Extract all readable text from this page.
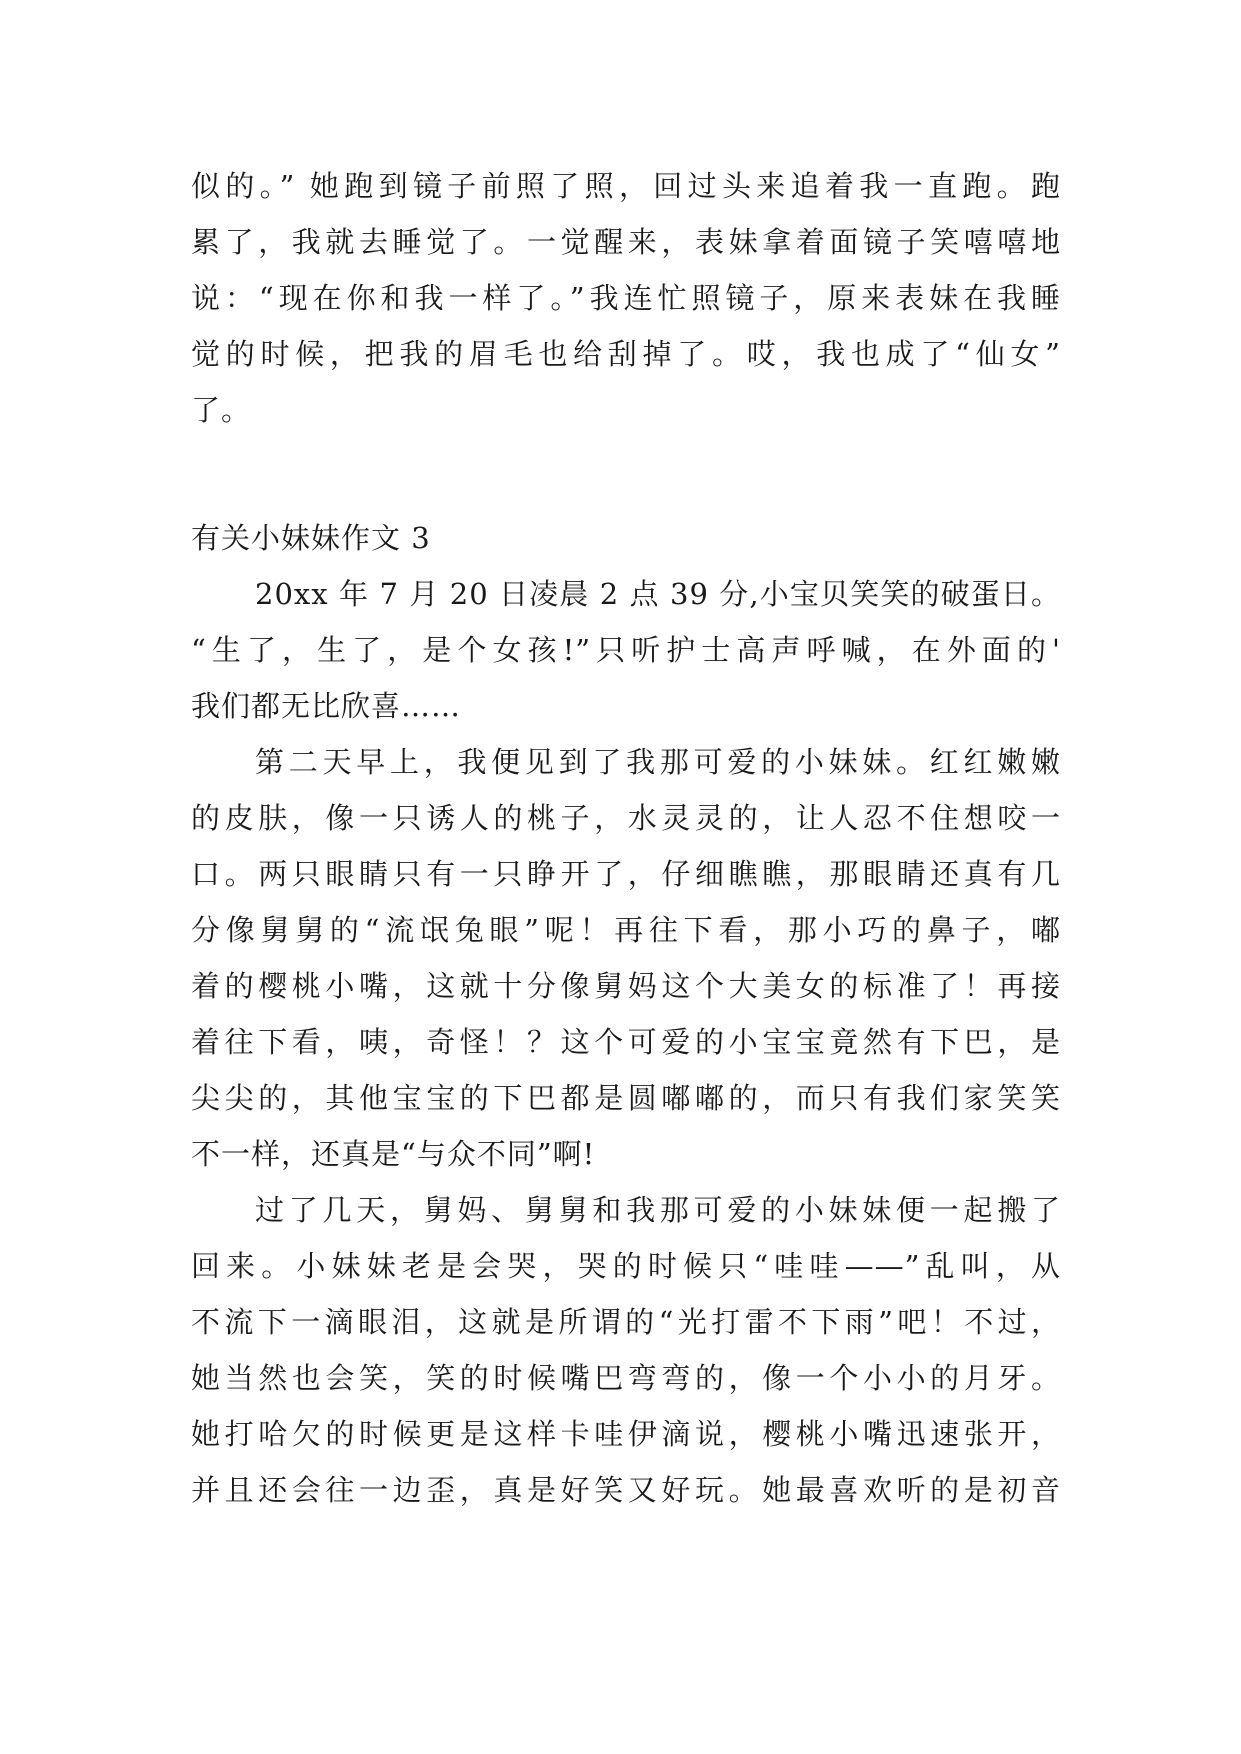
似的。” 她跑到镜子前照了照，回过头来追着我一直跑。跑
累了，我就去睡觉了。一觉醒来，表妹拿着面镜子笑嘻嘻地
说：“现在你和我一样了。”我连忙照镜子，原来表妹在我睡
觉的时候，把我的眉毛也给刮掉了。哎，我也成了“仙女”
了。
有关小妹妹作文 3
20xx 年 7 月 20 日凌晨 2 点 39 分,小宝贝笑笑的破蛋日。
“生了，生了，是个女孩!”只听护士高声呼喊，在外面的'
我们都无比欣喜……
第二天早上，我便见到了我那可爱的小妹妹。红红嫩嫩
的皮肤，像一只诱人的桃子，水灵灵的，让人忍不住想咬一
口。两只眼睛只有一只睁开了，仔细瞧瞧，那眼睛还真有几
分像舅舅的“流氓兔眼”呢！再往下看，那小巧的鼻子，嘟
着的樱桃小嘴，这就十分像舅妈这个大美女的标准了！再接
着往下看，咦，奇怪！？这个可爱的小宝宝竟然有下巴，是
尖尖的，其他宝宝的下巴都是圆嘟嘟的，而只有我们家笑笑
不一样，还真是“与众不同”啊!
过了几天，舅妈、舅舅和我那可爱的小妹妹便一起搬了
回来。小妹妹老是会哭，哭的时候只“哇哇——”乱叫，从
不流下一滴眼泪，这就是所谓的“光打雷不下雨”吧！不过，
她当然也会笑，笑的时候嘴巴弯弯的，像一个小小的月牙。
她打哈欠的时候更是这样卡哇伊滴说，樱桃小嘴迅速张开，
并且还会往一边歪，真是好笑又好玩。她最喜欢听的是初音
